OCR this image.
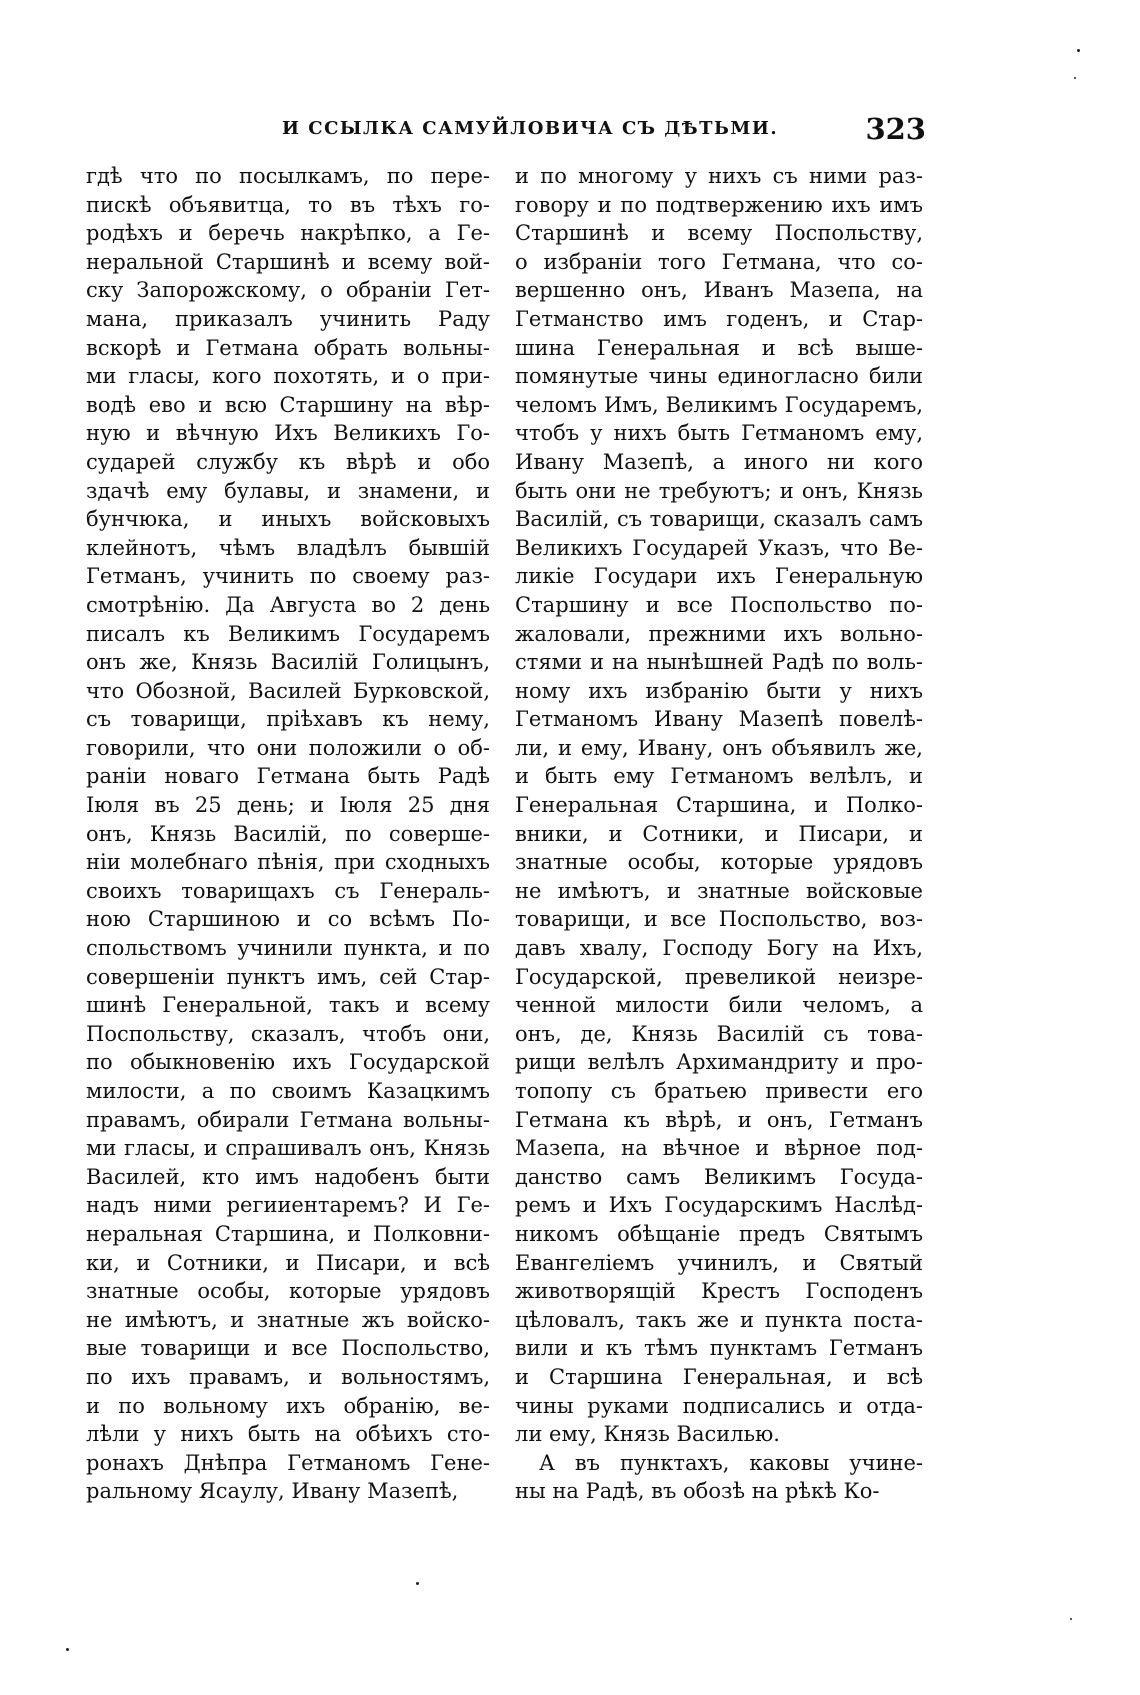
И ССЫЛКА САМУЙЛОВИЧА СЪ ДѢТЬМИ.	323
гдѣ что по посылкамъ, по пере-
пискѣ объявитца, то въ тѣхъ го-
родѣхъ и беречь накрѣпко, а Ге-
неральной Старшинѣ и всему вой-
ску Запорожскому, о обраніи Гет-
мана, приказалъ учинить Раду
вскорѣ и Гетмана обрать вольны-
ми гласы, кого похотять, и о при-
водѣ ево и всю Старшину на вѣр-
ную и вѣчную Ихъ Великихъ Го-
сударей службу къ вѣрѣ и обо
здачѣ ему булавы, и знамени, и
бунчюка, и иныхъ войсковыхъ
клейнотъ, чѣмъ владѣлъ бывшій
Гетманъ, учинить по своему раз-
смотрѣнію. Да Августа во 2 день
писалъ къ Великимъ Государемъ
онъ же, Князь Василій Голицынъ,
что Обозной, Василей Бурковской,
съ товарищи, пріѣхавъ къ нему,
говорили, что они положили о об-
раніи новаго Гетмана быть Радѣ
Іюля въ 25 день; и Іюля 25 дня
онъ, Князь Василій, по соверше-
ніи молебнаго пѣнія, при сходныхъ
своихъ товарищахъ съ Генераль-
ною Старшиною и со всѣмъ По-
спольствомъ учинили пункта, и по
совершеніи пунктъ имъ, сей Стар-
шинѣ Генеральной, такъ и всему
Поспольству, сказалъ, чтобъ они,
по обыкновенію ихъ Государской
милости, а по своимъ Казацкимъ
правамъ, обирали Гетмана вольны-
ми гласы, и спрашивалъ онъ, Князь
Василей, кто имъ надобенъ быти
надъ ними регииентаремъ? И Ге-
неральная Старшина, и Полковни-
ки, и Сотники, и Писари, и всѣ
знатные особы, которые урядовъ
не имѣютъ, и знатные жъ войско-
вые товарищи и все Поспольство,
по ихъ правамъ, и вольностямъ,
и по вольному ихъ обранію, ве-
лѣли у нихъ быть на обѣихъ сто-
ронахъ Днѣпра Гетманомъ Гене-
ральному Ясаулу, Ивану Мазепѣ,
и по многому у нихъ съ ними раз-
говору и по подтвержению ихъ имъ
Старшинѣ и всему Поспольству,
о избраніи того Гетмана, что со-
вершенно онъ, Иванъ Мазепа, на
Гетманство имъ годенъ, и Стар-
шина Генеральная и всѣ выше-
помянутые чины единогласно били
челомъ Имъ, Великимъ Государемъ,
чтобъ у нихъ быть Гетманомъ ему,
Ивану Мазепѣ, а иного ни кого
быть они не требуютъ; и онъ, Князь
Василій, съ товарищи, сказалъ самъ
Великихъ Государей Указъ, что Ве-
ликіе Государи ихъ Генеральную
Старшину и все Поспольство по-
жаловали, прежними ихъ вольно-
стями и на нынѣшней Радѣ по воль-
ному ихъ избранію быти у нихъ
Гетманомъ Ивану Мазепѣ повелѣ-
ли, и ему, Ивану, онъ объявилъ же,
и быть ему Гетманомъ велѣлъ, и
Генеральная Старшина, и Полко-
вники, и Сотники, и Писари, и
знатные особы, которые урядовъ
не имѣютъ, и знатные войсковые
товарищи, и все Поспольство, воз-
давъ хвалу, Господу Богу на Ихъ,
Государской, превеликой неизре-
ченной милости били челомъ, а
онъ, де, Князь Василій съ това-
рищи велѣлъ Архимандриту и про-
топопу съ братьею привести его
Гетмана къ вѣрѣ, и онъ, Гетманъ
Мазепа, на вѣчное и вѣрное под-
данство самъ Великимъ Госуда-
ремъ и Ихъ Государскимъ Наслѣд-
никомъ обѣщаніе предъ Святымъ
Евангеліемъ учинилъ, и Святый
животворящій Крестъ Господенъ
цѣловалъ, такъ же и пункта поста-
вили и къ тѣмъ пунктамъ Гетманъ
и Старшина Генеральная, и всѣ
чины руками подписались и отда-
ли ему, Князь Василью.
А въ пунктахъ, каковы учине-
ны на Радѣ, въ обозѣ на рѣкѣ Ко-
